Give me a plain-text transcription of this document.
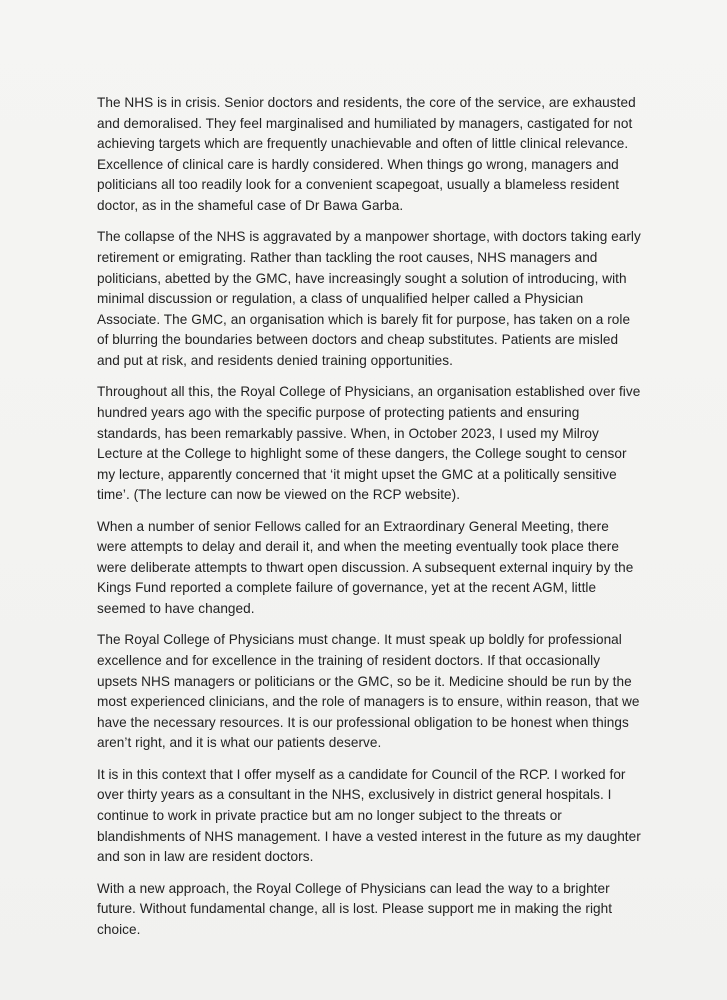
The NHS is in crisis. Senior doctors and residents, the core of the service, are exhausted and demoralised. They feel marginalised and humiliated by managers, castigated for not achieving targets which are frequently unachievable and often of little clinical relevance. Excellence of clinical care is hardly considered. When things go wrong, managers and politicians all too readily look for a convenient scapegoat, usually a blameless resident doctor, as in the shameful case of Dr Bawa Garba.

The collapse of the NHS is aggravated by a manpower shortage, with doctors taking early retirement or emigrating. Rather than tackling the root causes, NHS managers and politicians, abetted by the GMC, have increasingly sought a solution of introducing, with minimal discussion or regulation, a class of unqualified helper called a Physician Associate. The GMC, an organisation which is barely fit for purpose, has taken on a role of blurring the boundaries between doctors and cheap substitutes. Patients are misled and put at risk, and residents denied training opportunities.

Throughout all this, the Royal College of Physicians, an organisation established over five hundred years ago with the specific purpose of protecting patients and ensuring standards, has been remarkably passive. When, in October 2023, I used my Milroy Lecture at the College to highlight some of these dangers, the College sought to censor my lecture, apparently concerned that ‘it might upset the GMC at a politically sensitive time’. (The lecture can now be viewed on the RCP website).

When a number of senior Fellows called for an Extraordinary General Meeting, there were attempts to delay and derail it, and when the meeting eventually took place there were deliberate attempts to thwart open discussion. A subsequent external inquiry by the Kings Fund reported a complete failure of governance, yet at the recent AGM, little seemed to have changed.

The Royal College of Physicians must change. It must speak up boldly for professional excellence and for excellence in the training of resident doctors. If that occasionally upsets NHS managers or politicians or the GMC, so be it. Medicine should be run by the most experienced clinicians, and the role of managers is to ensure, within reason, that we have the necessary resources. It is our professional obligation to be honest when things aren’t right, and it is what our patients deserve.

It is in this context that I offer myself as a candidate for Council of the RCP. I worked for over thirty years as a consultant in the NHS, exclusively in district general hospitals. I continue to work in private practice but am no longer subject to the threats or blandishments of NHS management. I have a vested interest in the future as my daughter and son in law are resident doctors.

With a new approach, the Royal College of Physicians can lead the way to a brighter future. Without fundamental change, all is lost. Please support me in making the right choice.
